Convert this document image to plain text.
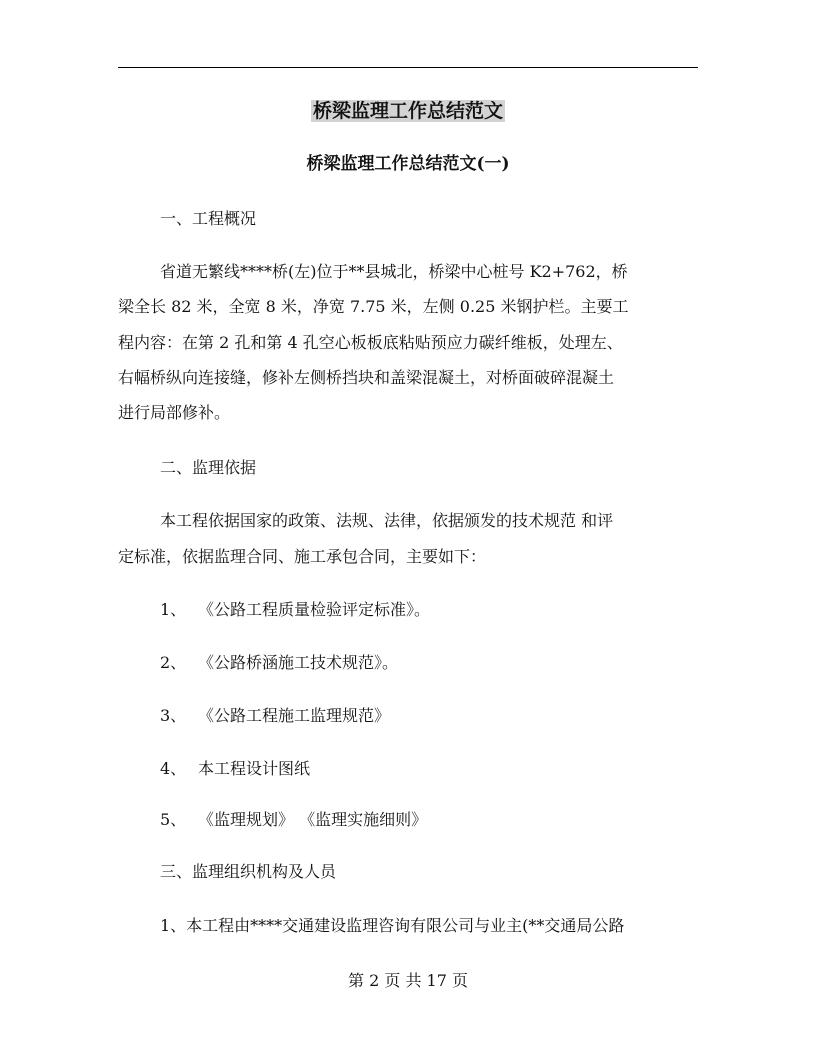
桥梁监理工作总结范文
桥梁监理工作总结范文(一)
一、工程概况
省道无繁线****桥(左)位于**县城北，桥梁中心桩号 K2+762，桥
梁全长 82 米，全宽 8 米，净宽 7.75 米，左侧 0.25 米钢护栏。主要工
程内容：在第 2 孔和第 4 孔空心板板底粘贴预应力碳纤维板，处理左、
右幅桥纵向连接缝，修补左侧桥挡块和盖梁混凝土，对桥面破碎混凝土
进行局部修补。
二、监理依据
本工程依据国家的政策、法规、法律，依据颁发的技术规范 和评
定标准，依据监理合同、施工承包合同，主要如下：
1、 《公路工程质量检验评定标准》。
2、 《公路桥涵施工技术规范》。
3、 《公路工程施工监理规范》
4、 本工程设计图纸
5、 《监理规划》 《监理实施细则》
三、监理组织机构及人员
1、本工程由****交通建设监理咨询有限公司与业主(**交通局公路
第 2 页 共 17 页
